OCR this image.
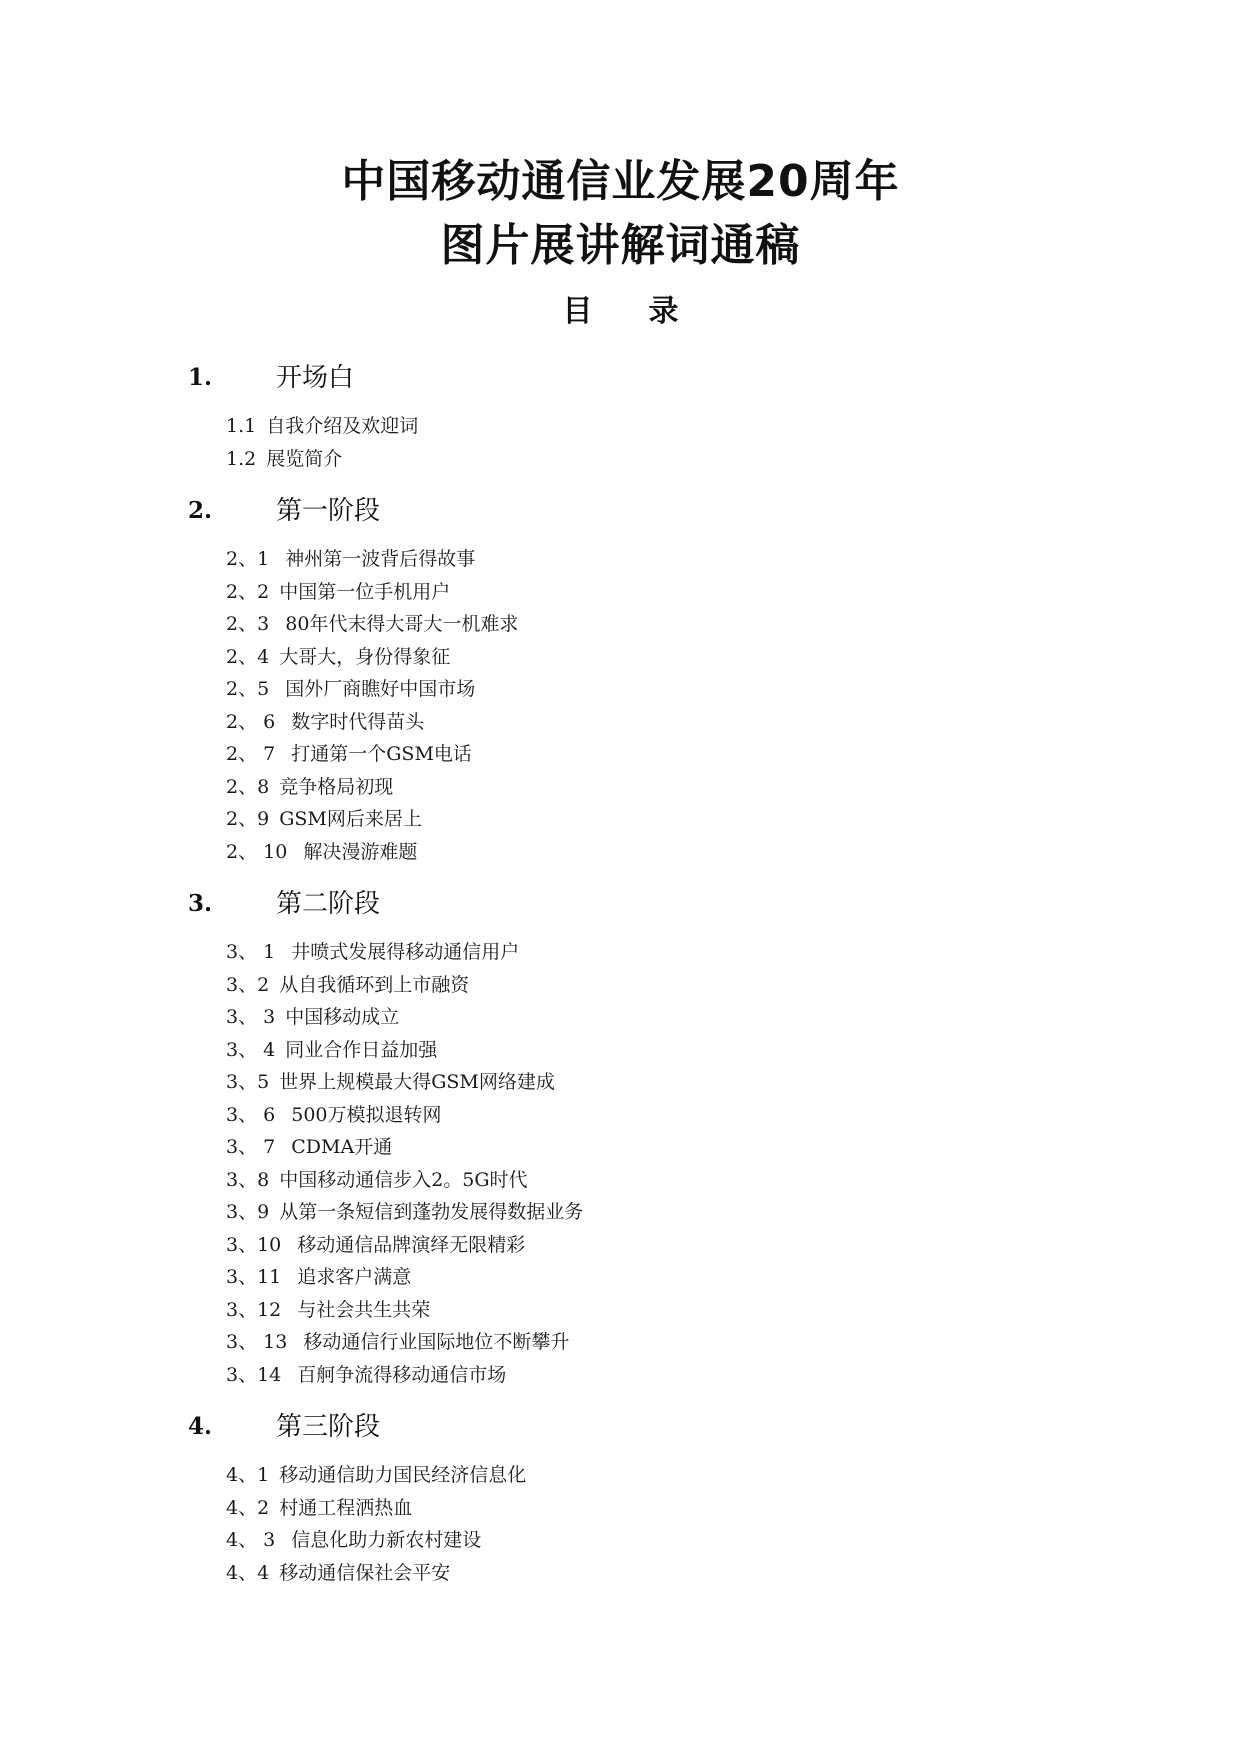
中国移动通信业发展20周年
图片展讲解词通稿
目 录
1.	开场白
1.1 自我介绍及欢迎词
1.2 展览简介
2.	第一阶段
2、1 神州第一波背后得故事
2、2 中国第一位手机用户
2、3 80年代末得大哥大一机难求
2、4 大哥大，身份得象征
2、5 国外厂商瞧好中国市场
2、 6 数字时代得苗头
2、 7 打通第一个GSM电话
2、8 竞争格局初现
2、9 GSM网后来居上
2、 10 解决漫游难题
3.	第二阶段
3、 1 井喷式发展得移动通信用户
3、2 从自我循环到上市融资
3、 3 中国移动成立
3、 4 同业合作日益加强
3、5 世界上规模最大得GSM网络建成
3、 6 500万模拟退转网
3、 7 CDMA开通
3、8 中国移动通信步入2。5G时代
3、9 从第一条短信到蓬勃发展得数据业务
3、10 移动通信品牌演绎无限精彩
3、11 追求客户满意
3、12 与社会共生共荣
3、 13 移动通信行业国际地位不断攀升
3、14 百舸争流得移动通信市场
4.	第三阶段
4、1 移动通信助力国民经济信息化
4、2 村通工程洒热血
4、 3 信息化助力新农村建设
4、4 移动通信保社会平安
